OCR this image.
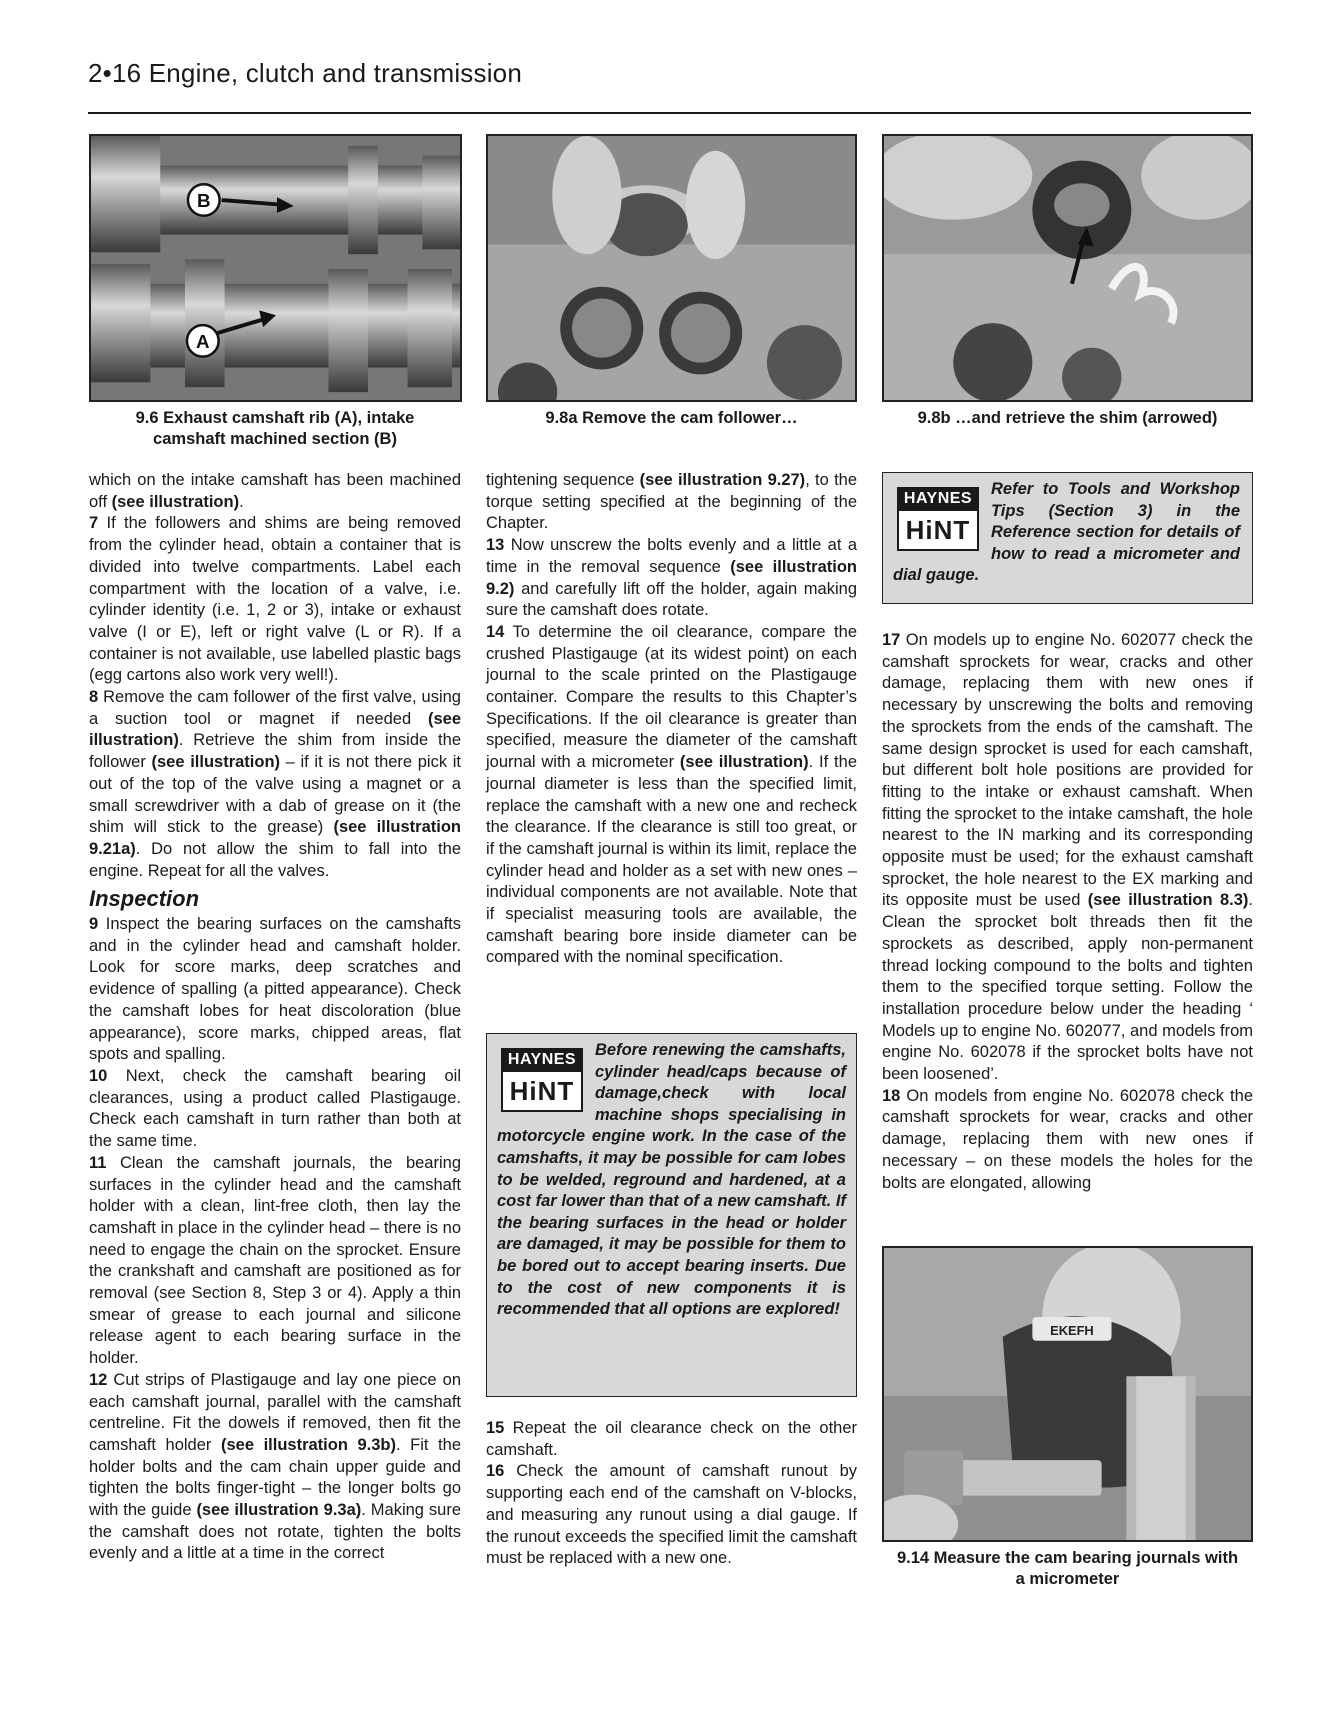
2•16 Engine, clutch and transmission
B
A
9.6 Exhaust camshaft rib (A), intake camshaft machined section (B)
9.8a Remove the cam follower…	9.8b …and retrieve the shim (arrowed)

which on the intake camshaft has been machined off (see illustration).

7 If the followers and shims are being removed from the cylinder head, obtain a container that is divided into twelve compartments. Label each compartment with the location of a valve, i.e. cylinder identity (i.e. 1, 2 or 3), intake or exhaust valve (I or E), left or right valve (L or R). If a container is not available, use labelled plastic bags (egg cartons also work very well!).

8 Remove the cam follower of the first valve, using a suction tool or magnet if needed (see illustration). Retrieve the shim from inside the follower (see illustration) – if it is not there pick it out of the top of the valve using a magnet or a small screwdriver with a dab of grease on it (the shim will stick to the grease) (see illustration 9.21a). Do not allow the shim to fall into the engine. Repeat for all the valves.

Inspection

9 Inspect the bearing surfaces on the camshafts and in the cylinder head and camshaft holder. Look for score marks, deep scratches and evidence of spalling (a pitted appearance). Check the camshaft lobes for heat discoloration (blue appearance), score marks, chipped areas, flat spots and spalling.

10 Next, check the camshaft bearing oil clearances, using a product called Plastigauge. Check each camshaft in turn rather than both at the same time.

11 Clean the camshaft journals, the bearing surfaces in the cylinder head and the camshaft holder with a clean, lint-free cloth, then lay the camshaft in place in the cylinder head – there is no need to engage the chain on the sprocket. Ensure the crankshaft and camshaft are positioned as for removal (see Section 8, Step 3 or 4). Apply a thin smear of grease to each journal and silicone release agent to each bearing surface in the holder.

12 Cut strips of Plastigauge and lay one piece on each camshaft journal, parallel with the camshaft centreline. Fit the dowels if removed, then fit the camshaft holder (see illustration 9.3b). Fit the holder bolts and the cam chain upper guide and tighten the bolts finger-tight – the longer bolts go with the guide (see illustration 9.3a). Making sure the camshaft does not rotate, tighten the bolts evenly and a little at a time in the correct

tightening sequence (see illustration 9.27), to the torque setting specified at the beginning of the Chapter.

13 Now unscrew the bolts evenly and a little at a time in the removal sequence (see illustration 9.2) and carefully lift off the holder, again making sure the camshaft does rotate.

14 To determine the oil clearance, compare the crushed Plastigauge (at its widest point) on each journal to the scale printed on the Plastigauge container. Compare the results to this Chapter’s Specifications. If the oil clearance is greater than specified, measure the diameter of the camshaft journal with a micrometer (see illustration). If the journal diameter is less than the specified limit, replace the camshaft with a new one and recheck the clearance. If the clearance is still too great, or if the camshaft journal is within its limit, replace the cylinder head and holder as a set with new ones – individual components are not available. Note that if specialist measuring tools are available, the camshaft bearing bore inside diameter can be compared with the nominal specification.

HAYNES
HiNT
Before renewing the camshafts, cylinder head/caps because of damage,check with local machine shops specialising in motorcycle engine work. In the case of the camshafts, it may be possible for cam lobes to be welded, reground and hardened, at a cost far lower than that of a new camshaft. If the bearing surfaces in the head or holder are damaged, it may be possible for them to be bored out to accept bearing inserts. Due to the cost of new components it is recommended that all options are explored!

15 Repeat the oil clearance check on the other camshaft.

16 Check the amount of camshaft runout by supporting each end of the camshaft on V-blocks, and measuring any runout using a dial gauge. If the runout exceeds the specified limit the camshaft must be replaced with a new one.

HAYNES
HiNT
Refer to Tools and Workshop Tips (Section 3) in the Reference section for details of how to read a micrometer and dial gauge.

17 On models up to engine No. 602077 check the camshaft sprockets for wear, cracks and other damage, replacing them with new ones if necessary by unscrewing the bolts and removing the sprockets from the ends of the camshaft. The same design sprocket is used for each camshaft, but different bolt hole positions are provided for fitting to the intake or exhaust camshaft. When fitting the sprocket to the intake camshaft, the hole nearest to the IN marking and its corresponding opposite must be used; for the exhaust camshaft sprocket, the hole nearest to the EX marking and its opposite must be used (see illustration 8.3). Clean the sprocket bolt threads then fit the sprockets as described, apply non-permanent thread locking compound to the bolts and tighten them to the specified torque setting. Follow the installation procedure below under the heading ‘ Models up to engine No. 602077, and models from engine No. 602078 if the sprocket bolts have not been loosened’.

18 On models from engine No. 602078 check the camshaft sprockets for wear, cracks and other damage, replacing them with new ones if necessary – on these models the holes for the bolts are elongated, allowing

EKEFH
9.14 Measure the cam bearing journals with a micrometer
